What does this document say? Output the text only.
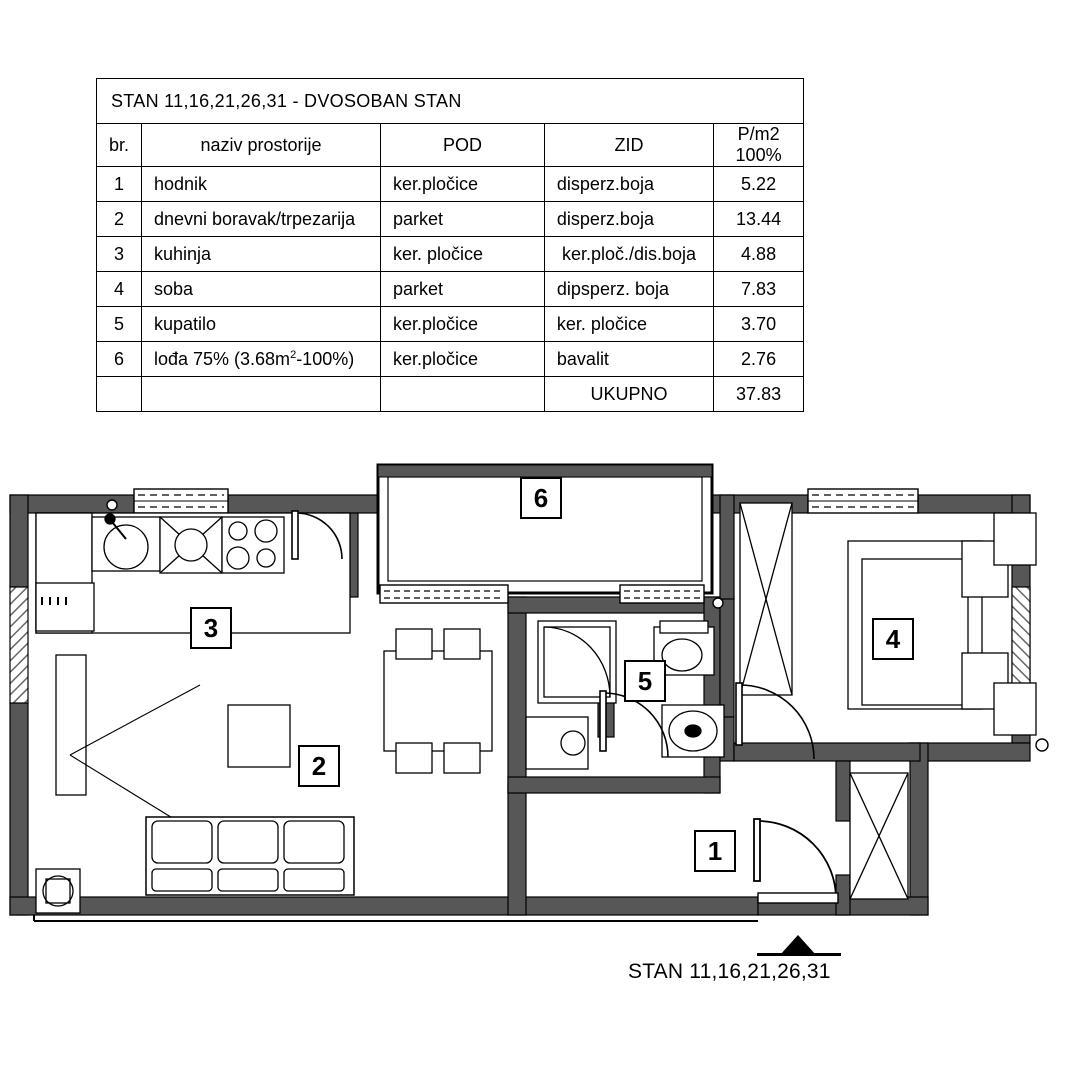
STAN 11,16,21,26,31 - DVOSOBAN STAN				
br.	naziv prostorije	POD	ZID	P/m2 100%
1	hodnik	ker.pločice	disperz.boja	5.22
2	dnevni boravak/trpezarija	parket	disperz.boja	13.44
3	kuhinja	ker. pločice	ker.ploč./dis.boja	4.88
4	soba	parket	dipsperz. boja	7.83
5	kupatilo	ker.pločice	ker. pločice	3.70
6	lođa 75% $(3.68m^2-100\%)$	ker.pločice	bavalit	2.76
			UKUPNO	37.83
6
3
2
5
4
1
STAN 11,16,21,26,31
